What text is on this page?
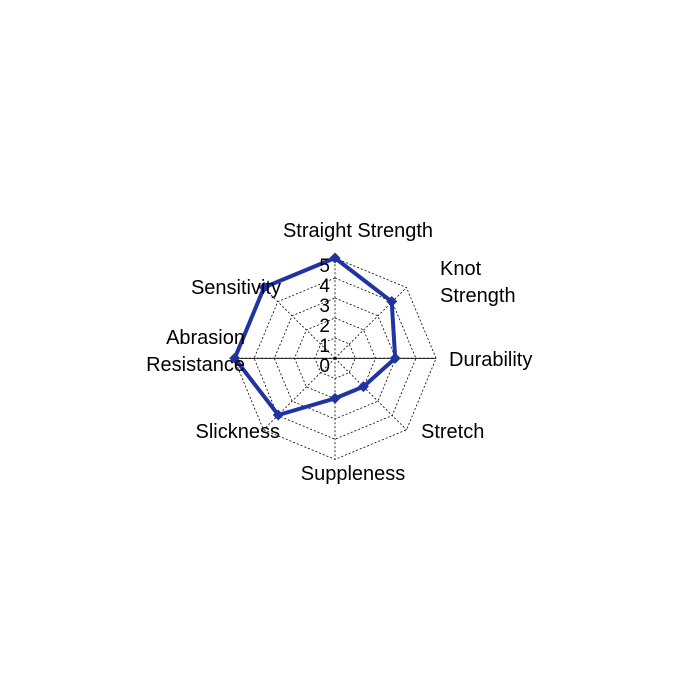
5
4
3
2
1
0
Straight Strength
Knot
Strength
Durability
Stretch
Suppleness
Slickness
Abrasion
Resistance
Sensitivity
